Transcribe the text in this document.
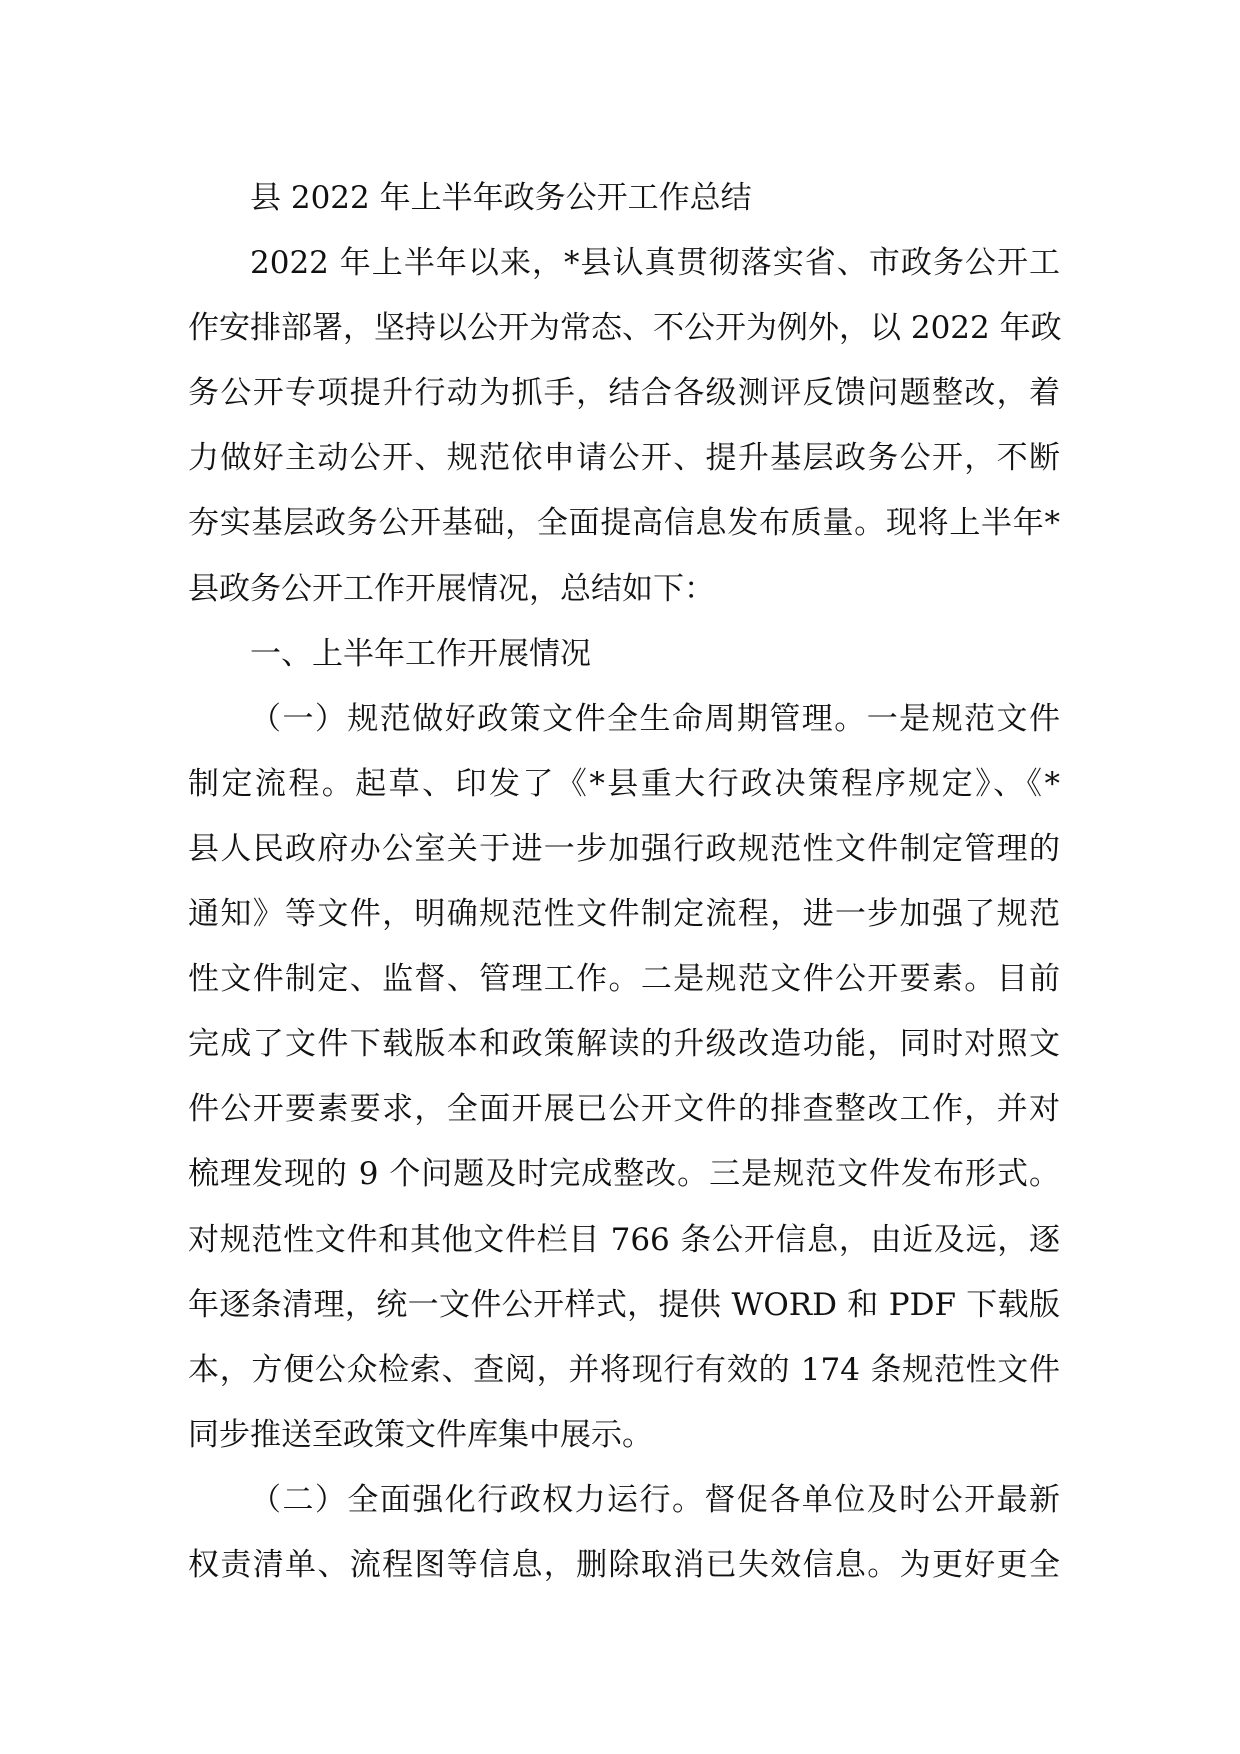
县 2022 年上半年政务公开工作总结
2022 年上半年以来，*县认真贯彻落实省、市政务公开工
作安排部署，坚持以公开为常态、不公开为例外，以 2022 年政
务公开专项提升行动为抓手，结合各级测评反馈问题整改，着
力做好主动公开、规范依申请公开、提升基层政务公开，不断
夯实基层政务公开基础，全面提高信息发布质量。现将上半年*
县政务公开工作开展情况，总结如下：
一、上半年工作开展情况
（一）规范做好政策文件全生命周期管理。一是规范文件
制定流程。起草、印发了《*县重大行政决策程序规定》、《*
县人民政府办公室关于进一步加强行政规范性文件制定管理的
通知》等文件，明确规范性文件制定流程，进一步加强了规范
性文件制定、监督、管理工作。二是规范文件公开要素。目前
完成了文件下载版本和政策解读的升级改造功能，同时对照文
件公开要素要求，全面开展已公开文件的排查整改工作，并对
梳理发现的 9 个问题及时完成整改。三是规范文件发布形式。
对规范性文件和其他文件栏目 766 条公开信息，由近及远，逐
年逐条清理，统一文件公开样式，提供 WORD 和 PDF 下载版
本，方便公众检索、查阅，并将现行有效的 174 条规范性文件
同步推送至政策文件库集中展示。
（二）全面强化行政权力运行。督促各单位及时公开最新
权责清单、流程图等信息，删除取消已失效信息。为更好更全
